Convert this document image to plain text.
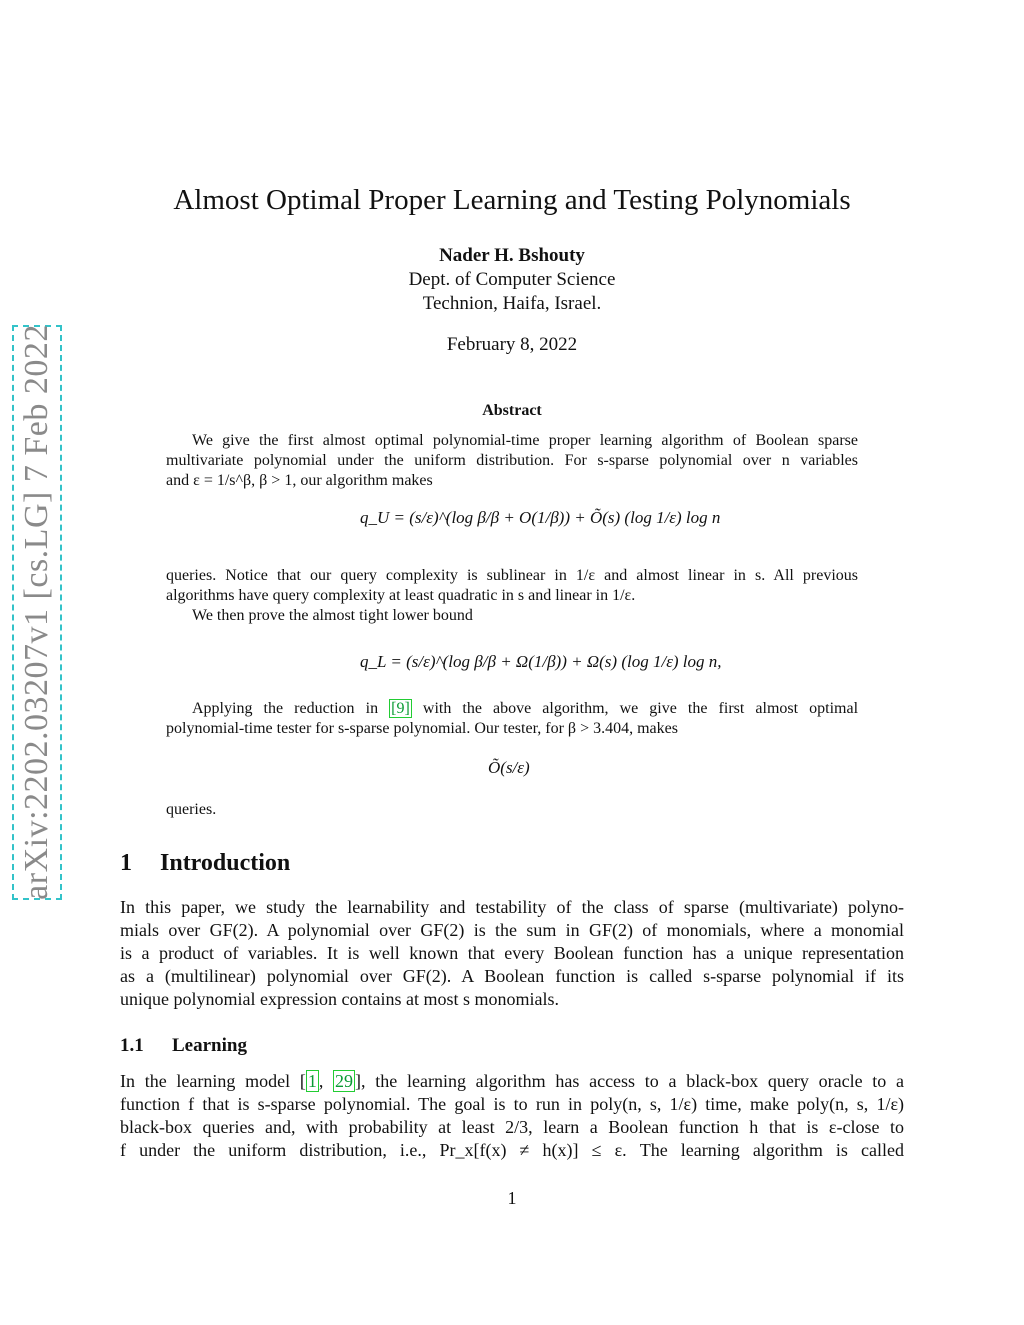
arXiv:2202.03207v1 [cs.LG] 7 Feb 2022
Almost Optimal Proper Learning and Testing Polynomials
Nader H. Bshouty
Dept. of Computer Science
Technion, Haifa, Israel.
February 8, 2022
Abstract
We give the first almost optimal polynomial-time proper learning algorithm of Boolean sparse
multivariate polynomial under the uniform distribution. For s-sparse polynomial over n variables
and ε = 1/s^β, β > 1, our algorithm makes
q_U = (s/ε)^(log β/β + O(1/β)) + Õ(s) (log 1/ε) log n
queries. Notice that our query complexity is sublinear in 1/ε and almost linear in s. All previous
algorithms have query complexity at least quadratic in s and linear in 1/ε.
We then prove the almost tight lower bound
q_L = (s/ε)^(log β/β + Ω(1/β)) + Ω(s) (log 1/ε) log n,
Applying the reduction in [9] with the above algorithm, we give the first almost optimal
polynomial-time tester for s-sparse polynomial. Our tester, for β > 3.404, makes
Õ(s/ε)
queries.
1 Introduction
In this paper, we study the learnability and testability of the class of sparse (multivariate) polyno-
mials over GF(2). A polynomial over GF(2) is the sum in GF(2) of monomials, where a monomial
is a product of variables. It is well known that every Boolean function has a unique representation
as a (multilinear) polynomial over GF(2). A Boolean function is called s-sparse polynomial if its
unique polynomial expression contains at most s monomials.
1.1 Learning
In the learning model [ 1 , 29 ], the learning algorithm has access to a black-box query oracle to a
function f that is s-sparse polynomial. The goal is to run in poly(n, s, 1/ε) time, make poly(n, s, 1/ε)
black-box queries and, with probability at least 2/3, learn a Boolean function h that is ε-close to
f under the uniform distribution, i.e., Pr_x[f(x) ≠ h(x)] ≤ ε. The learning algorithm is called
1
